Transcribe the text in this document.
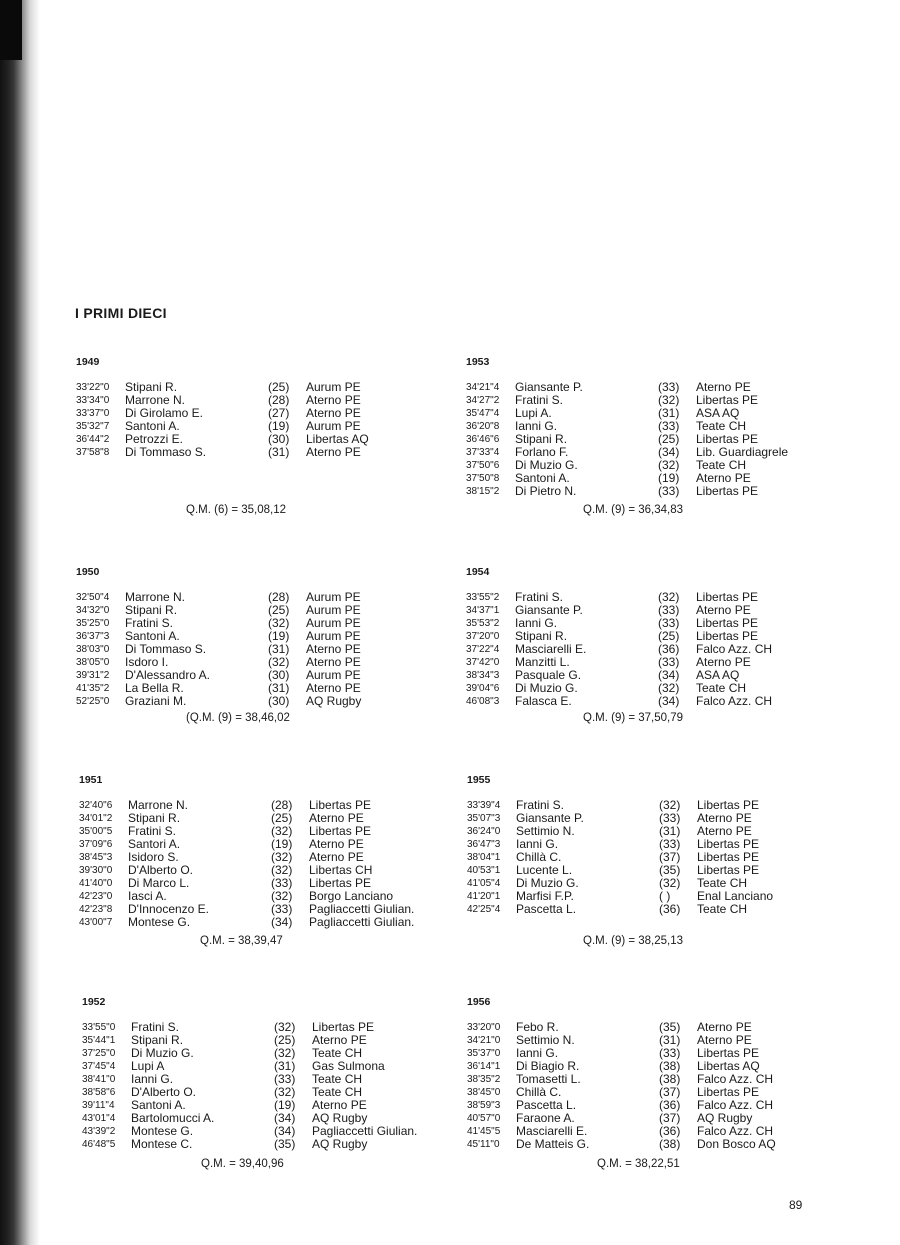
I PRIMI DIECI
1949
33'22"0 Stipani R.	(25) Aurum PE
33'34"0 Marrone N.	(28) Aterno PE
33'37"0 Di Girolamo E.	(27) Aterno PE
35'32"7 Santoni A.	(19) Aurum PE
36'44"2 Petrozzi E.	(30) Libertas AQ
37'58"8 Di Tommaso S.	(31) Aterno PE
Q.M. (6) = 35,08,12
1953
34'21"4 Giansante P.	(33) Aterno PE
34'27"2 Fratini S.	(32) Libertas PE
35'47"4 Lupi A.	(31) ASA AQ
36'20"8 Ianni G.	(33) Teate CH
36'46"6 Stipani R.	(25) Libertas PE
37'33"4 Forlano F.	(34) Lib. Guardiagrele
37'50"6 Di Muzio G.	(32) Teate CH
37'50"8 Santoni A.	(19) Aterno PE
38'15"2 Di Pietro N.	(33) Libertas PE
Q.M. (9) = 36,34,83
1950
32'50"4 Marrone N.	(28) Aurum PE
34'32"0 Stipani R.	(25) Aurum PE
35'25"0 Fratini S.	(32) Aurum PE
36'37"3 Santoni A.	(19) Aurum PE
38'03"0 Di Tommaso S.	(31) Aterno PE
38'05"0 Isdoro I.	(32) Aterno PE
39'31"2 D'Alessandro A.	(30) Aurum PE
41'35"2 La Bella R.	(31) Aterno PE
52'25"0 Graziani M.	(30) AQ Rugby
(Q.M. (9) = 38,46,02
1954
33'55"2 Fratini S.	(32) Libertas PE
34'37"1 Giansante P.	(33) Aterno PE
35'53"2 Ianni G.	(33) Libertas PE
37'20"0 Stipani R.	(25) Libertas PE
37'22"4 Masciarelli E.	(36) Falco Azz. CH
37'42"0 Manzitti L.	(33) Aterno PE
38'34"3 Pasquale G.	(34) ASA AQ
39'04"6 Di Muzio G.	(32) Teate CH
46'08"3 Falasca E.	(34) Falco Azz. CH
Q.M. (9) = 37,50,79
1951
32'40"6 Marrone N.	(28) Libertas PE
34'01"2 Stipani R.	(25) Aterno PE
35'00"5 Fratini S.	(32) Libertas PE
37'09"6 Santori A.	(19) Aterno PE
38'45"3 Isidoro S.	(32) Aterno PE
39'30"0 D'Alberto O.	(32) Libertas CH
41'40"0 Di Marco L.	(33) Libertas PE
42'23"0 Iasci A.	(32) Borgo Lanciano
42'23"8 D'Innocenzo E.	(33) Pagliaccetti Giulian.
43'00"7 Montese G.	(34) Pagliaccetti Giulian.
Q.M. = 38,39,47
1955
33'39"4 Fratini S.	(32) Libertas PE
35'07"3 Giansante P.	(33) Aterno PE
36'24"0 Settimio N.	(31) Aterno PE
36'47"3 Ianni G.	(33) Libertas PE
38'04"1 Chillà C.	(37) Libertas PE
40'53"1 Lucente L.	(35) Libertas PE
41'05"4 Di Muzio G.	(32) Teate CH
41'20"1 Marfisi F.P.	( ) Enal Lanciano
42'25"4 Pascetta L.	(36) Teate CH
Q.M. (9) = 38,25,13
1952
33'55"0 Fratini S.	(32) Libertas PE
35'44"1 Stipani R.	(25) Aterno PE
37'25"0 Di Muzio G.	(32) Teate CH
37'45"4 Lupi A	(31) Gas Sulmona
38'41"0 Ianni G.	(33) Teate CH
38'58"6 D'Alberto O.	(32) Teate CH
39'11"4 Santoni A.	(19) Aterno PE
43'01"4 Bartolomucci A.	(34) AQ Rugby
43'39"2 Montese G.	(34) Pagliaccetti Giulian.
46'48"5 Montese C.	(35) AQ Rugby
Q.M. = 39,40,96
1956
33'20"0 Febo R.	(35) Aterno PE
34'21"0 Settimio N.	(31) Aterno PE
35'37"0 Ianni G.	(33) Libertas PE
36'14"1 Di Biagio R.	(38) Libertas AQ
38'35"2 Tomasetti L.	(38) Falco Azz. CH
38'45"0 Chillà C.	(37) Libertas PE
38'59"3 Pascetta L.	(36) Falco Azz. CH
40'57"0 Faraone A.	(37) AQ Rugby
41'45"5 Masciarelli E.	(36) Falco Azz. CH
45'11"0 De Matteis G.	(38) Don Bosco AQ
Q.M. = 38,22,51
89
